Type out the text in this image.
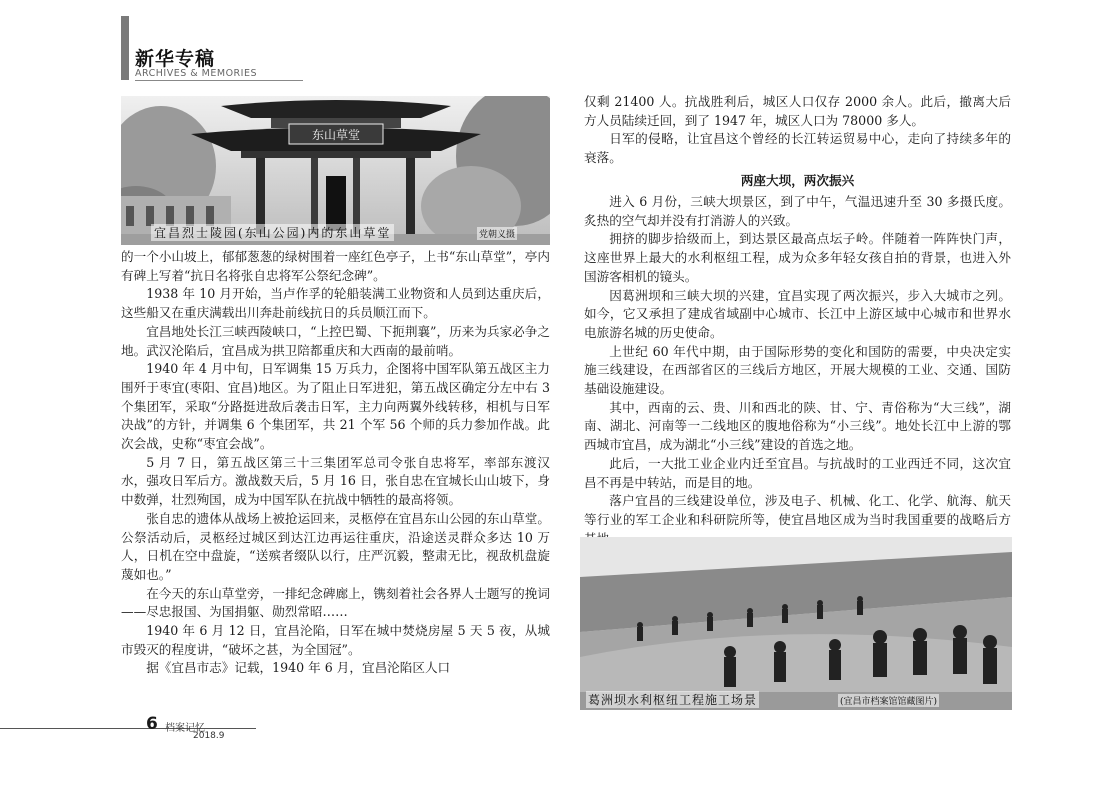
新华专稿
ARCHIVES & MEMORIES
东山草堂
宜昌烈士陵园(东山公园)内的东山草堂	党朝义摄

的一个小山坡上，郁郁葱葱的绿树围着一座红色亭子，上书“东山草堂”，亭内有碑上写着“抗日名将张自忠将军公祭纪念碑”。

1938 年 10 月开始，当卢作孚的轮船装满工业物资和人员到达重庆后，这些船又在重庆满载出川奔赴前线抗日的兵员顺江而下。

宜昌地处长江三峡西陵峡口，“上控巴蜀、下扼荆襄”，历来为兵家必争之地。武汉沦陷后，宜昌成为拱卫陪都重庆和大西南的最前哨。

1940 年 4 月中旬，日军调集 15 万兵力，企图将中国军队第五战区主力围歼于枣宜(枣阳、宜昌)地区。为了阻止日军进犯，第五战区确定分左中右 3 个集团军，采取“分路挺进敌后袭击日军，主力向两翼外线转移，相机与日军决战”的方针，并调集 6 个集团军，共 21 个军 56 个师的兵力参加作战。此次会战，史称“枣宜会战”。

5 月 7 日，第五战区第三十三集团军总司令张自忠将军，率部东渡汉水，强攻日军后方。激战数天后，5 月 16 日，张自忠在宜城长山山坡下，身中数弹，壮烈殉国，成为中国军队在抗战中牺牲的最高将领。

张自忠的遗体从战场上被抢运回来，灵柩停在宜昌东山公园的东山草堂。公祭活动后，灵柩经过城区到达江边再运往重庆，沿途送灵群众多达 10 万人，日机在空中盘旋，“送殡者缀队以行，庄严沉毅，整肃无比，视敌机盘旋蔑如也。”

在今天的东山草堂旁，一排纪念碑廊上，镌刻着社会各界人士题写的挽词——尽忠报国、为国捐躯、勋烈常昭……

1940 年 6 月 12 日，宜昌沦陷，日军在城中焚烧房屋 5 天 5 夜，从城市毁灭的程度讲，“破坏之甚，为全国冠”。

据《宜昌市志》记载，1940 年 6 月，宜昌沦陷区人口

仅剩 21400 人。抗战胜利后，城区人口仅存 2000 余人。此后，撤离大后方人员陆续迁回，到了 1947 年，城区人口为 78000 多人。

日军的侵略，让宜昌这个曾经的长江转运贸易中心，走向了持续多年的衰落。

两座大坝，两次振兴

进入 6 月份，三峡大坝景区，到了中午，气温迅速升至 30 多摄氏度。炙热的空气却并没有打消游人的兴致。

拥挤的脚步拾级而上，到达景区最高点坛子岭。伴随着一阵阵快门声，这座世界上最大的水利枢纽工程，成为众多年轻女孩自拍的背景，也进入外国游客相机的镜头。

因葛洲坝和三峡大坝的兴建，宜昌实现了两次振兴，步入大城市之列。如今，它又承担了建成省域副中心城市、长江中上游区域中心城市和世界水电旅游名城的历史使命。

上世纪 60 年代中期，由于国际形势的变化和国防的需要，中央决定实施三线建设，在西部省区的三线后方地区，开展大规模的工业、交通、国防基础设施建设。

其中，西南的云、贵、川和西北的陕、甘、宁、青俗称为“大三线”，湖南、湖北、河南等一二线地区的腹地俗称为“小三线”。地处长江中上游的鄂西城市宜昌，成为湖北“小三线”建设的首选之地。

此后，一大批工业企业内迁至宜昌。与抗战时的工业西迁不同，这次宜昌不再是中转站，而是目的地。

落户宜昌的三线建设单位，涉及电子、机械、化工、化学、航海、航天等行业的军工企业和科研院所等，使宜昌地区成为当时我国重要的战略后方

葛洲坝水利枢纽工程施工场景	(宜昌市档案馆馆藏图片)
6 档案记忆
2018.9
